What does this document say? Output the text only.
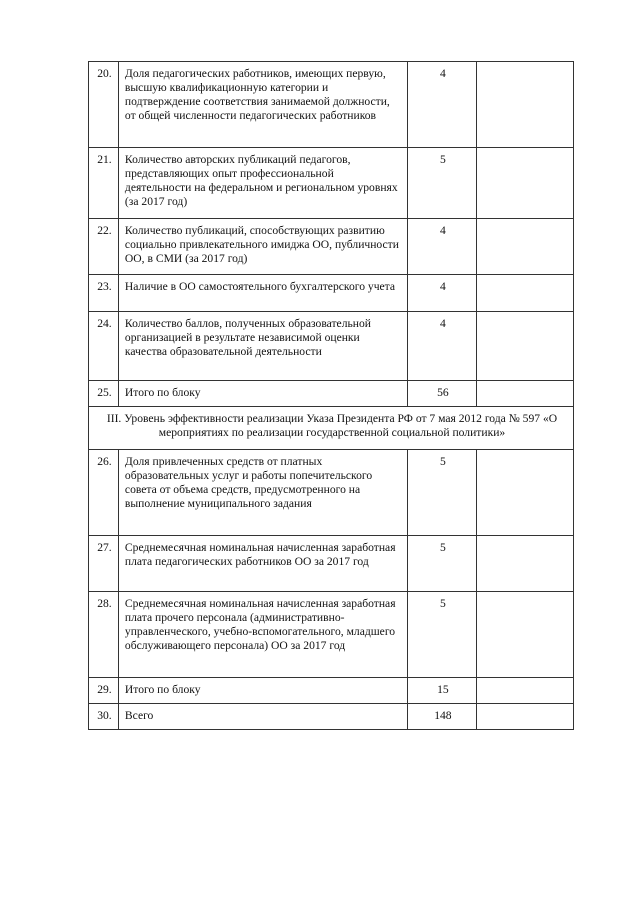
20.	Доля педагогических работников, имеющих первую, высшую квалификационную категории и подтверждение соответствия занимаемой должности, от общей численности педагогических работников	4	
21.	Количество авторских публикаций педагогов, представляющих опыт профессиональной деятельности на федеральном и региональном уровнях (за 2017 год)	5	
22.	Количество публикаций, способствующих развитию социально привлекательного имиджа ОО, публичности ОО, в СМИ (за 2017 год)	4	
23.	Наличие в ОО самостоятельного бухгалтерского учета	4	
24.	Количество баллов, полученных образовательной организацией в результате независимой оценки качества образовательной деятельности	4	
25.	Итого по блоку	56	
III. Уровень эффективности реализации Указа Президента РФ от 7 мая 2012 года № 597 «О мероприятиях по реализации государственной социальной политики»			
26.	Доля привлеченных средств от платных образовательных услуг и работы попечительского совета от объема средств, предусмотренного на выполнение муниципального задания	5	
27.	Среднемесячная номинальная начисленная заработная плата педагогических работников ОО за 2017 год	5	
28.	Среднемесячная номинальная начисленная заработная плата прочего персонала (административно-управленческого, учебно-вспомогательного, младшего обслуживающего персонала) ОО за 2017 год	5	
29.	Итого по блоку	15	
30.	Всего	148	
